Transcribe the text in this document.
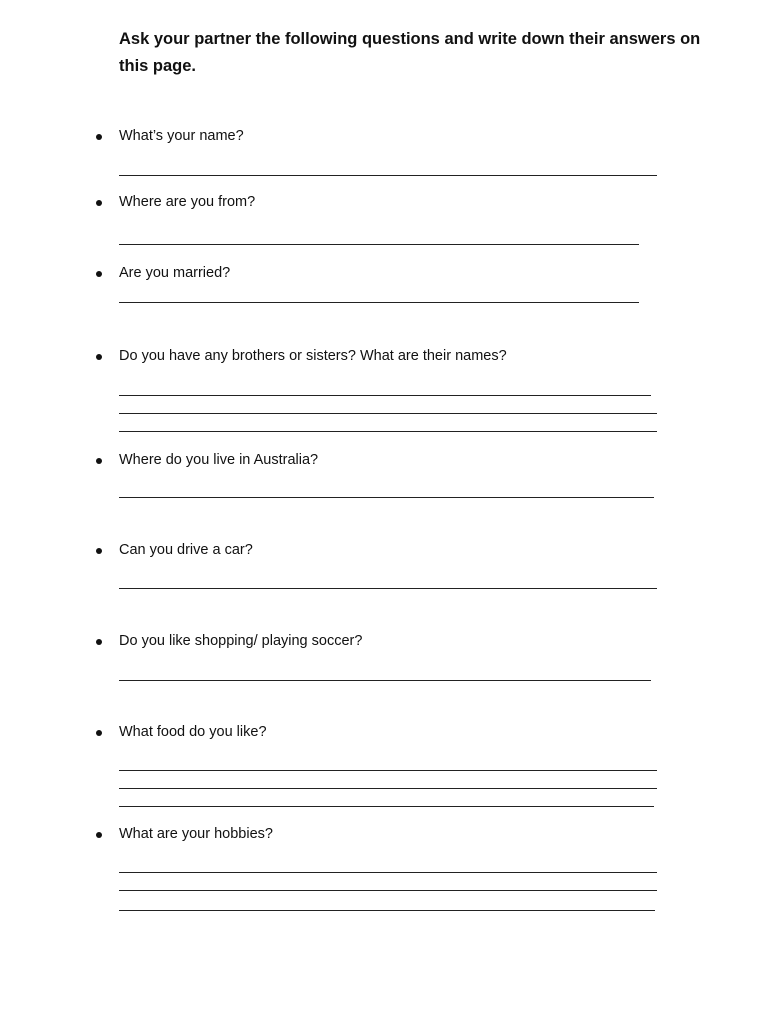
Ask your partner the following questions and write down their answers on this page.

What’s your name?
Where are you from?
Are you married?
Do you have any brothers or sisters? What are their names?
Where do you live in Australia?
Can you drive a car?
Do you like shopping/ playing soccer?
What food do you like?
What are your hobbies?
